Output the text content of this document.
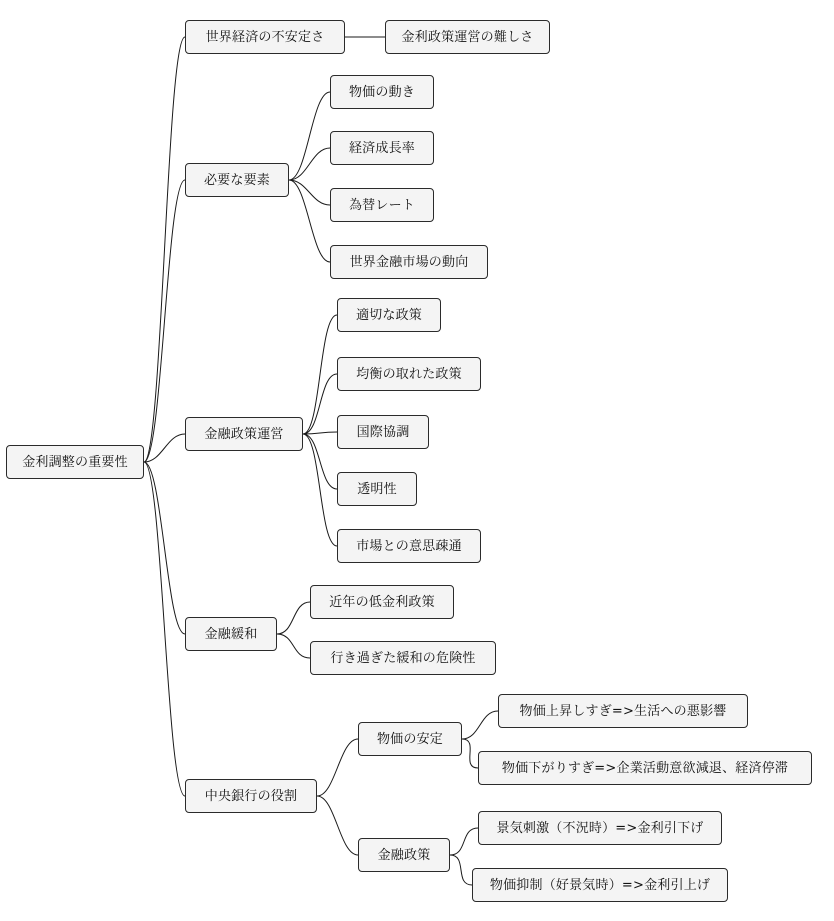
金利調整の重要性
世界経済の不安定さ	金利政策運営の難しさ
必要な要素
物価の動き
経済成長率
為替レート
世界金融市場の動向
金融政策運営
適切な政策
均衡の取れた政策
国際協調
透明性
市場との意思疎通
金融緩和
近年の低金利政策
行き過ぎた緩和の危険性
中央銀行の役割
物価の安定
物価上昇しすぎ=>生活への悪影響
物価下がりすぎ=>企業活動意欲減退、経済停滞
金融政策
景気刺激（不況時）=>金利引下げ
物価抑制（好景気時）=>金利引上げ
